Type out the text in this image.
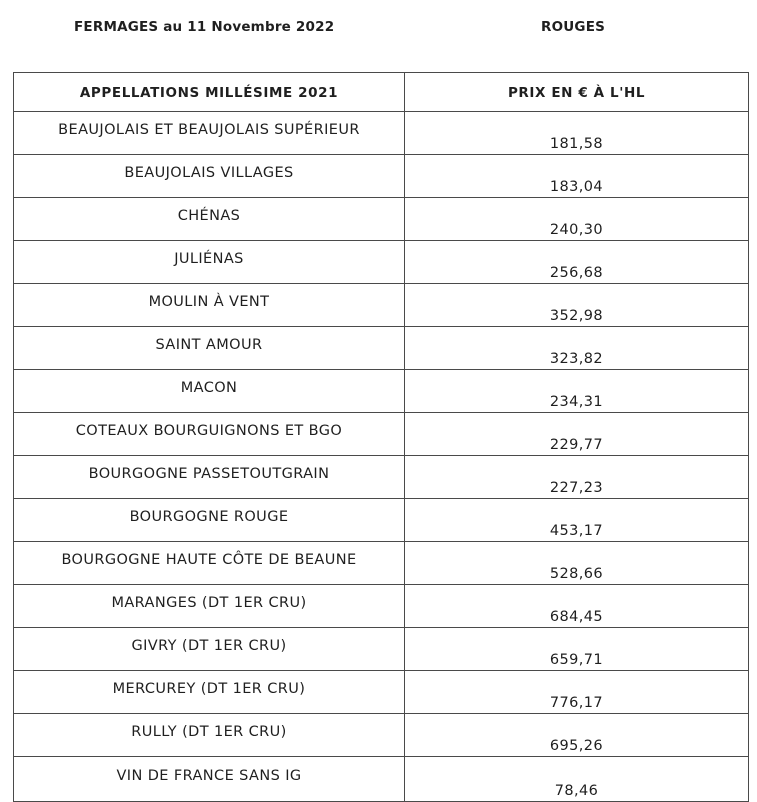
FERMAGES au 11 Novembre 2022	ROUGES
APPELLATIONS MILLÉSIME 2021	PRIX EN € À L'HL
BEAUJOLAIS ET BEAUJOLAIS SUPÉRIEUR	181,58
BEAUJOLAIS VILLAGES	183,04
CHÉNAS	240,30
JULIÉNAS	256,68
MOULIN À VENT	352,98
SAINT AMOUR	323,82
MACON	234,31
COTEAUX BOURGUIGNONS ET BGO	229,77
BOURGOGNE PASSETOUTGRAIN	227,23
BOURGOGNE ROUGE	453,17
BOURGOGNE HAUTE CÔTE DE BEAUNE	528,66
MARANGES (DT 1ER CRU)	684,45
GIVRY (DT 1ER CRU)	659,71
MERCUREY (DT 1ER CRU)	776,17
RULLY (DT 1ER CRU)	695,26
VIN DE FRANCE SANS IG	78,46
